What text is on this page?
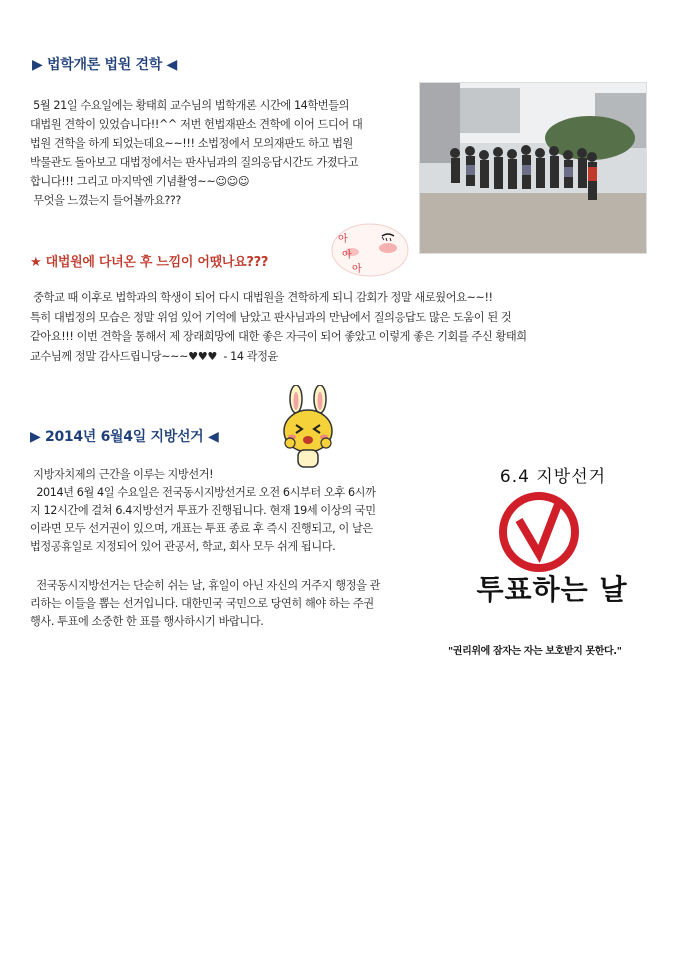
▶ 법학개론 법원 견학 ◀
5월 21일 수요일에는 황태희 교수님의 법학개론 시간에 14학번들의
대법원 견학이 있었습니다!!^^ 저번 헌법재판소 견학에 이어 드디어 대
법원 견학을 하게 되었는데요~~!!! 소법정에서 모의재판도 하고 법원
박물관도 돌아보고 대법정에서는 판사님과의 질의응답시간도 가졌다고
합니다!!! 그리고 마지막엔 기념촬영~~☺☺☺
무엇을 느꼈는지 들어볼까요???
★ 대법원에 다녀온 후 느낌이 어땠나요???
아
아
아
중학교 때 이후로 법학과의 학생이 되어 다시 대법원을 견학하게 되니 감회가 정말 새로웠어요~~!!
특히 대법정의 모습은 정말 위엄 있어 기억에 남았고 판사님과의 만남에서 질의응답도 많은 도움이 된 것
같아요!!! 이번 견학을 통해서 제 장래희망에 대한 좋은 자극이 되어 좋았고 이렇게 좋은 기회를 주신 황태희
교수님께 정말 감사드립니당~~~♥♥♥  - 14 곽정윤
▶ 2014년 6월4일 지방선거 ◀
지방자치제의 근간을 이루는 지방선거!
2014년 6월 4일 수요일은 전국동시지방선거로 오전 6시부터 오후 6시까
지 12시간에 걸쳐 6.4지방선거 투표가 진행됩니다. 현재 19세 이상의 국민
이라면 모두 선거권이 있으며, 개표는 투표 종료 후 즉시 진행되고, 이 날은
법정공휴일로 지정되어 있어 관공서, 학교, 회사 모두 쉬게 됩니다.
전국동시지방선거는 단순히 쉬는 날, 휴일이 아닌 자신의 거주지 행정을 관
리하는 이들을 뽑는 선거입니다. 대한민국 국민으로 당연히 해야 하는 주권
행사. 투표에 소중한 한 표를 행사하시기 바랍니다.
6.4 지방선거
투표하는 날
"권리위에 잠자는 자는 보호받지 못한다."
